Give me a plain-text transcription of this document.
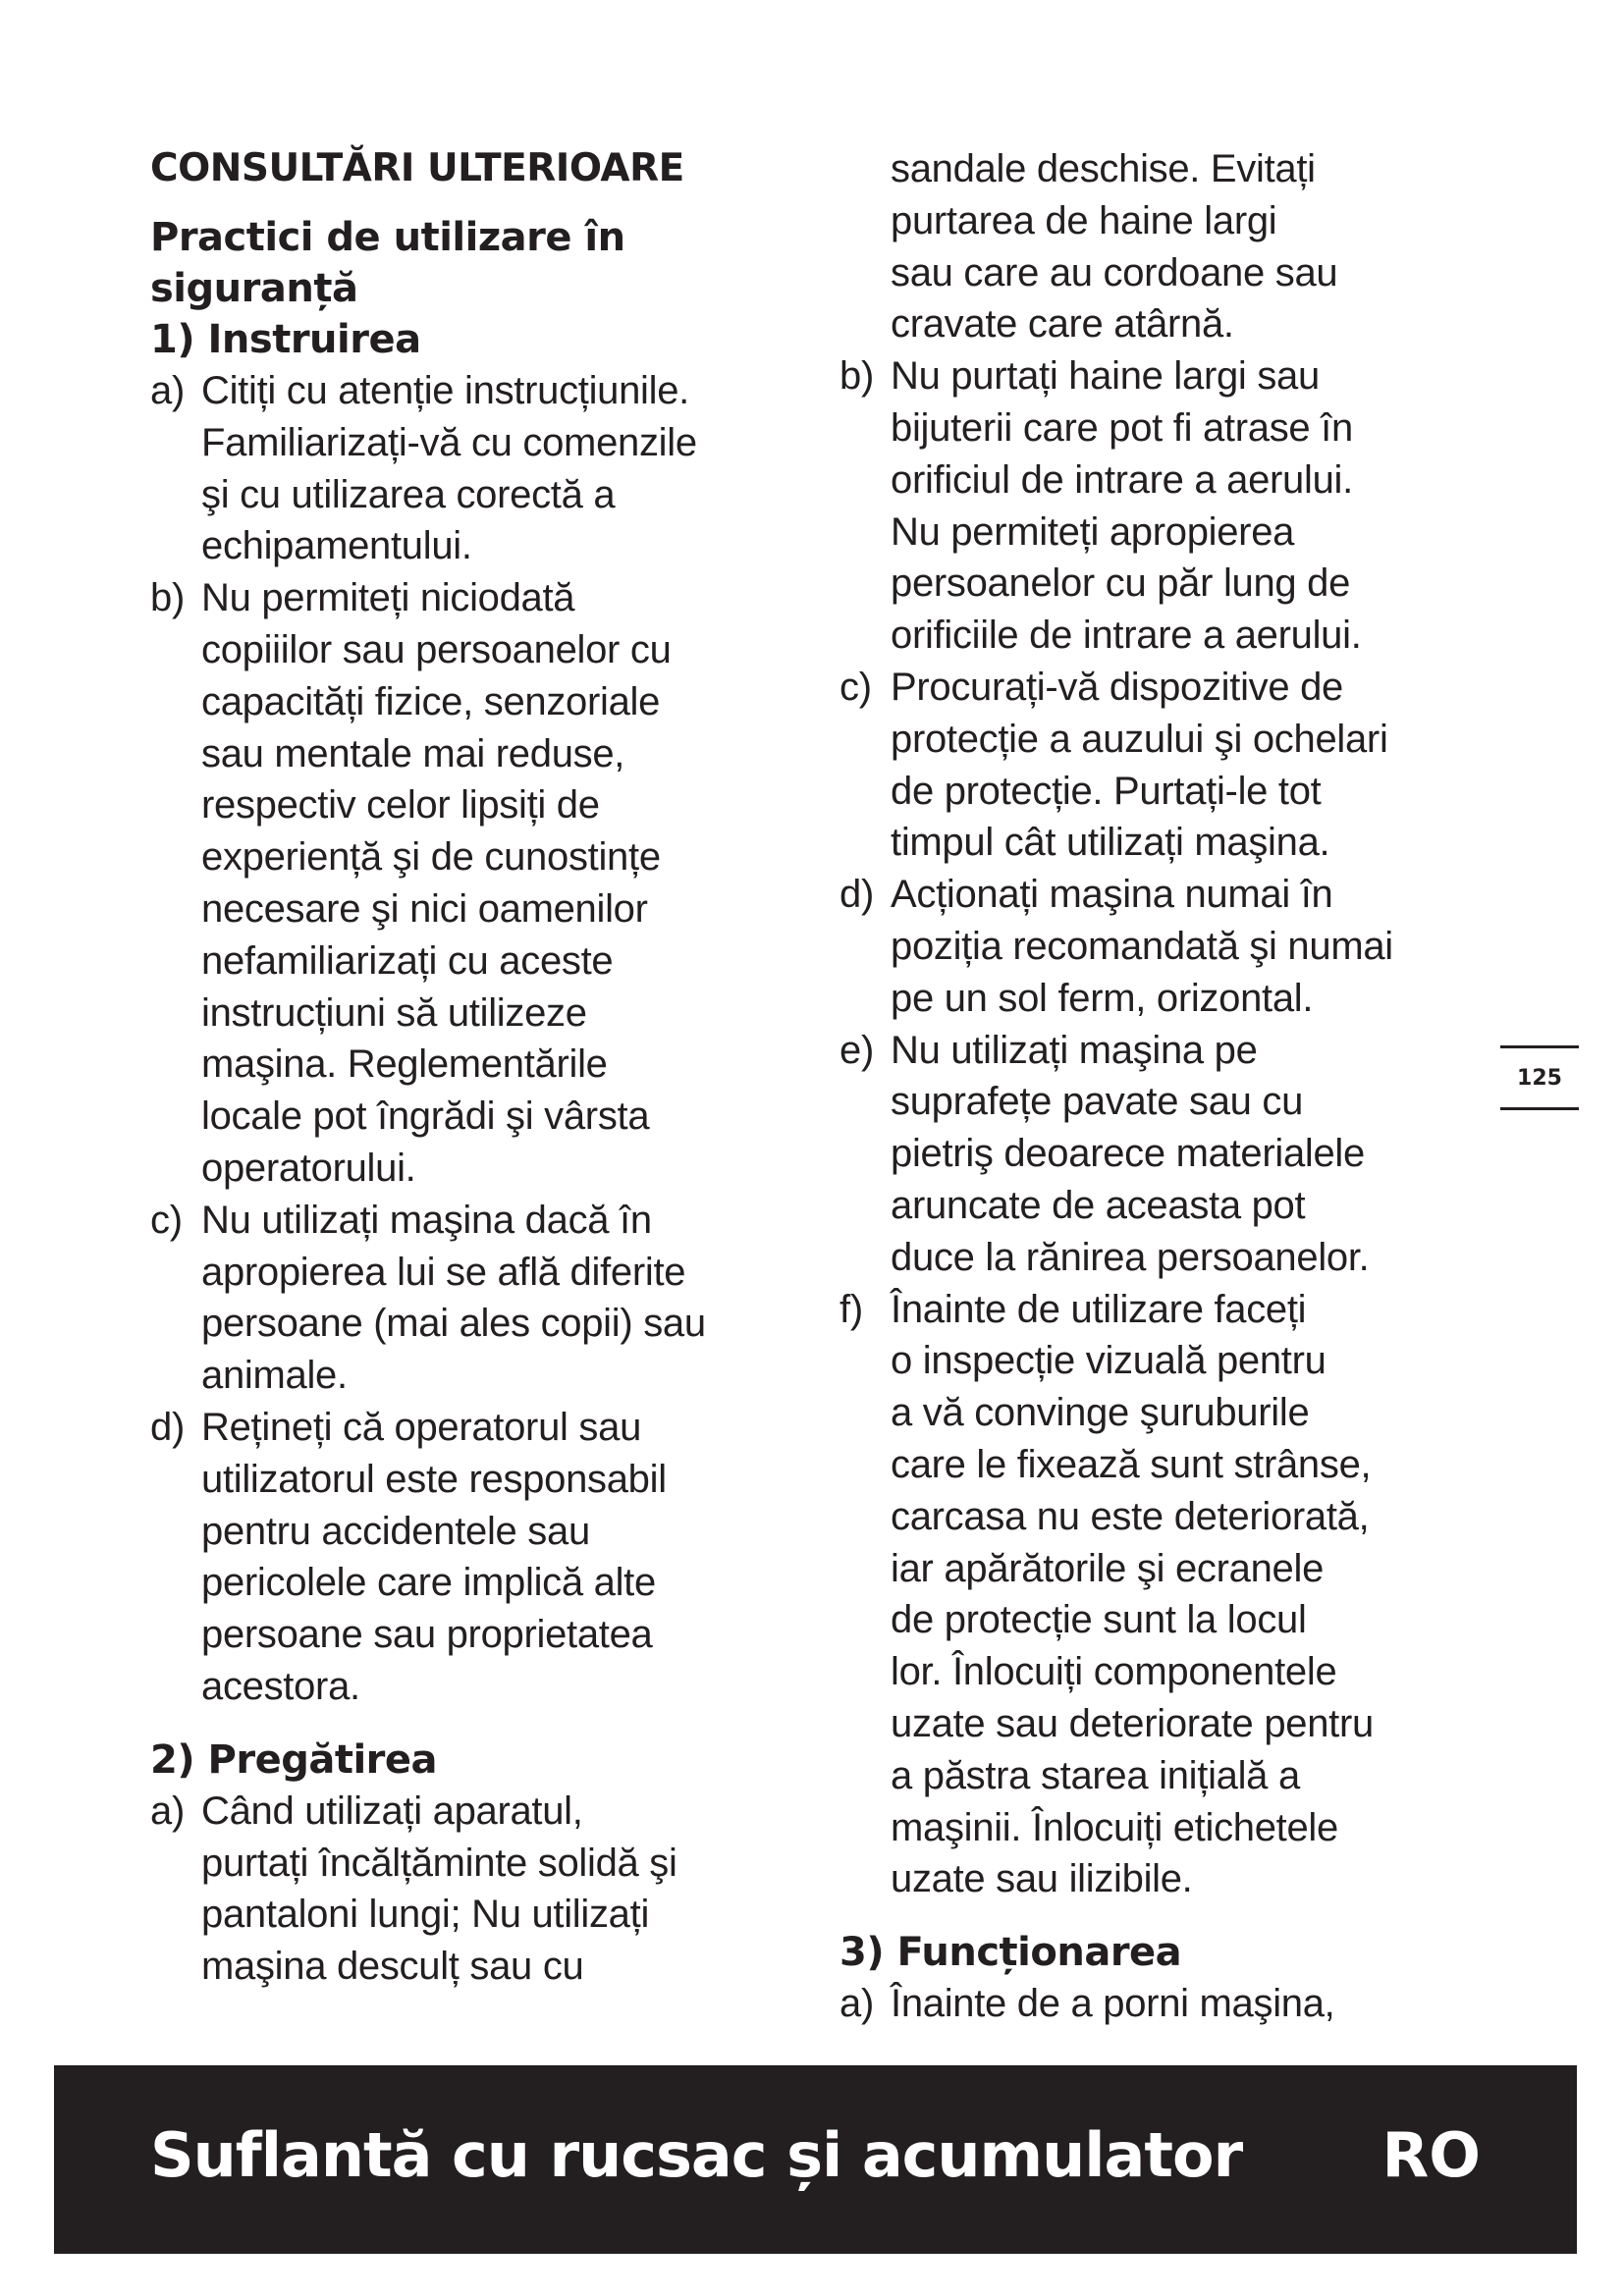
CONSULTĂRI ULTERIOARE
Practici de utilizare în
siguranță
1) Instruirea
a) Citiți cu atenție instrucțiunile.
Familiarizați-vă cu comenzile
şi cu utilizarea corectă a
echipamentului.
b) Nu permiteți niciodată
copiiilor sau persoanelor cu
capacități fizice, senzoriale
sau mentale mai reduse,
respectiv celor lipsiți de
experiență şi de cunostințe
necesare şi nici oamenilor
nefamiliarizați cu aceste
instrucțiuni să utilizeze
maşina. Reglementările
locale pot îngrădi şi vârsta
operatorului.
c) Nu utilizați maşina dacă în
apropierea lui se află diferite
persoane (mai ales copii) sau
animale.
d) Rețineți că operatorul sau
utilizatorul este responsabil
pentru accidentele sau
pericolele care implică alte
persoane sau proprietatea
acestora.
2) Pregătirea
a) Când utilizați aparatul,
purtați încălțăminte solidă şi
pantaloni lungi; Nu utilizați
maşina desculț sau cu
sandale deschise. Evitați
purtarea de haine largi
sau care au cordoane sau
cravate care atârnă.
b) Nu purtați haine largi sau
bijuterii care pot fi atrase în
orificiul de intrare a aerului.
Nu permiteți apropierea
persoanelor cu păr lung de
orificiile de intrare a aerului.
c) Procurați-vă dispozitive de
protecție a auzului şi ochelari
de protecție. Purtați-le tot
timpul cât utilizați maşina.
d) Acționați maşina numai în
poziția recomandată şi numai
pe un sol ferm, orizontal.
e) Nu utilizați maşina pe
suprafețe pavate sau cu
pietriş deoarece materialele
aruncate de aceasta pot
duce la rănirea persoanelor.
f) Înainte de utilizare faceți
o inspecție vizuală pentru
a vă convinge şuruburile
care le fixează sunt strânse,
carcasa nu este deteriorată,
iar apărătorile şi ecranele
de protecție sunt la locul
lor. Înlocuiți componentele
uzate sau deteriorate pentru
a păstra starea inițială a
maşinii. Înlocuiți etichetele
uzate sau ilizibile.
3) Funcționarea
a) Înainte de a porni maşina,
125
Suflantă cu rucsac și acumulator RO
